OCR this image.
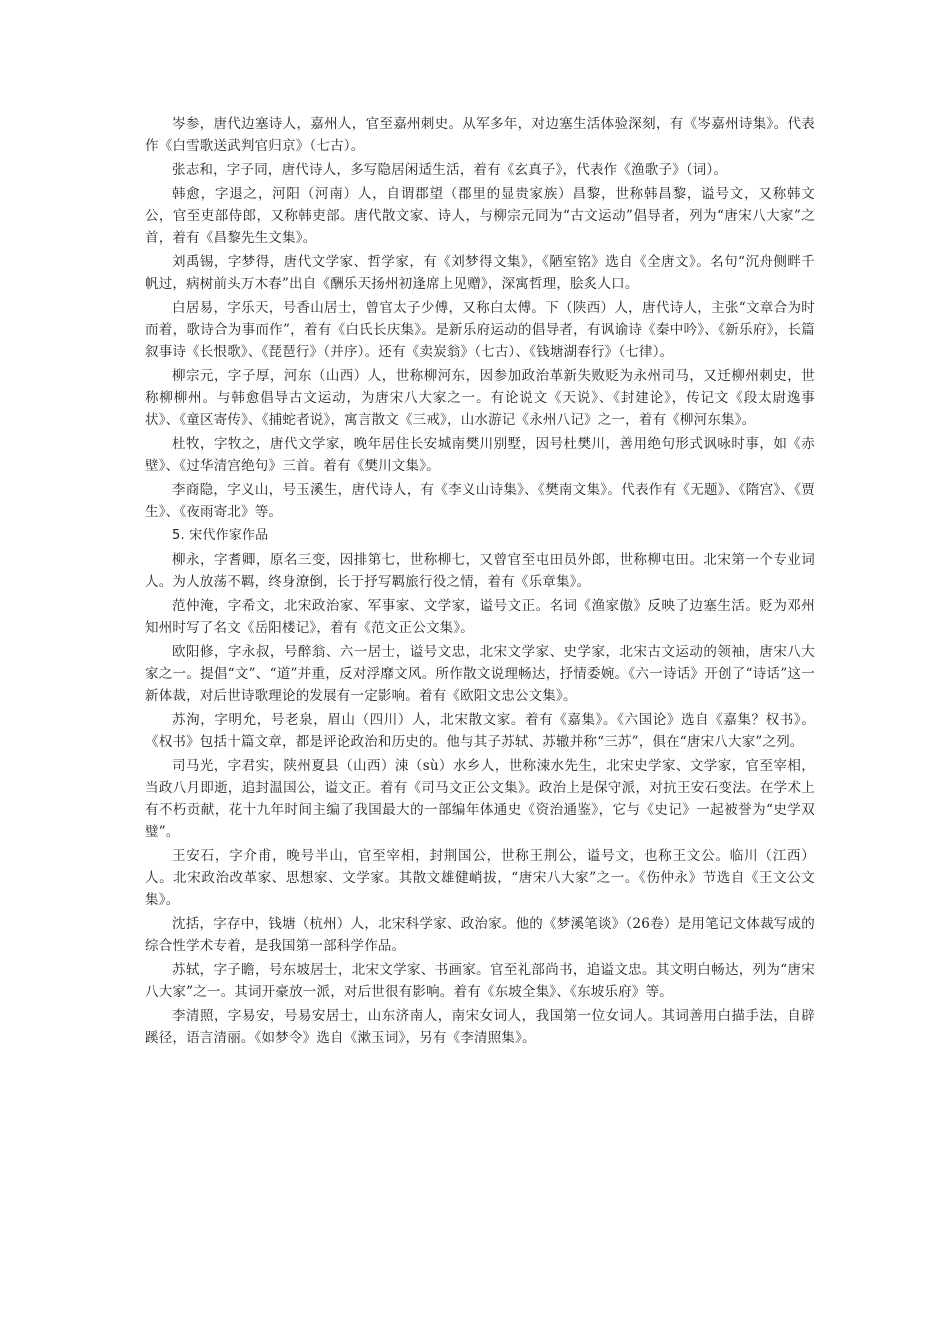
岑参，唐代边塞诗人，嘉州人，官至嘉州刺史。从军多年，对边塞生活体验深刻，有《岑嘉州诗集》。代表作《白雪歌送武判官归京》（七古）。

张志和，字子同，唐代诗人，多写隐居闲适生活，着有《玄真子》，代表作《渔歌子》（词）。

韩愈，字退之，河阳（河南）人，自谓郡望（郡里的显贵家族）昌黎，世称韩昌黎，谥号文，又称韩文公，官至吏部侍郎，又称韩吏部。唐代散文家、诗人，与柳宗元同为“古文运动”倡导者，列为“唐宋八大家”之首，着有《昌黎先生文集》。

刘禹锡，字梦得，唐代文学家、哲学家，有《刘梦得文集》，《陋室铭》选自《全唐文》。名句“沉舟侧畔千帆过，病树前头万木春”出自《酬乐天扬州初逢席上见赠》，深寓哲理，脍炙人口。

白居易，字乐天，号香山居士，曾官太子少傅，又称白太傅。下（陕西）人，唐代诗人，主张“文章合为时而着，歌诗合为事而作”，着有《白氏长庆集》。是新乐府运动的倡导者，有讽谕诗《秦中吟》、《新乐府》，长篇叙事诗《长恨歌》、《琵琶行》（并序）。还有《卖炭翁》（七古）、《钱塘湖春行》（七律）。

柳宗元，字子厚，河东（山西）人，世称柳河东，因参加政治革新失败贬为永州司马，又迁柳州刺史，世称柳柳州。与韩愈倡导古文运动，为唐宋八大家之一。有论说文《天说》、《封建论》，传记文《段太尉逸事状》、《童区寄传》、《捕蛇者说》，寓言散文《三戒》，山水游记《永州八记》之一，着有《柳河东集》。

杜牧，字牧之，唐代文学家，晚年居住长安城南樊川别墅，因号杜樊川，善用绝句形式讽咏时事，如《赤壁》、《过华清宫绝句》三首。着有《樊川文集》。

李商隐，字义山，号玉溪生，唐代诗人，有《李义山诗集》、《樊南文集》。代表作有《无题》、《隋宫》、《贾生》、《夜雨寄北》等。

5. 宋代作家作品

柳永，字耆卿，原名三变，因排第七，世称柳七，又曾官至屯田员外郎，世称柳屯田。北宋第一个专业词人。为人放荡不羁，终身潦倒，长于抒写羁旅行役之情，着有《乐章集》。

范仲淹，字希文，北宋政治家、军事家、文学家，谥号文正。名词《渔家傲》反映了边塞生活。贬为邓州知州时写了名文《岳阳楼记》，着有《范文正公文集》。

欧阳修，字永叔，号醉翁、六一居士，谥号文忠，北宋文学家、史学家，北宋古文运动的领袖，唐宋八大家之一。提倡“文”、“道”并重，反对浮靡文风。所作散文说理畅达，抒情委婉。《六一诗话》开创了“诗话”这一新体裁，对后世诗歌理论的发展有一定影响。着有《欧阳文忠公文集》。

苏洵，字明允，号老泉，眉山（四川）人，北宋散文家。着有《嘉集》。《六国论》选自《嘉集？权书》。《权书》包括十篇文章，都是评论政治和历史的。他与其子苏轼、苏辙并称“三苏”，俱在“唐宋八大家”之列。

司马光，字君实，陕州夏县（山西）涑（sù）水乡人，世称涑水先生，北宋史学家、文学家，官至宰相，当政八月即逝，追封温国公，谥文正。着有《司马文正公文集》。政治上是保守派，对抗王安石变法。在学术上有不朽贡献，花十九年时间主编了我国最大的一部编年体通史《资治通鉴》，它与《史记》一起被誉为“史学双璧”。

王安石，字介甫，晚号半山，官至宰相，封荆国公，世称王荆公，谥号文，也称王文公。临川（江西）人。北宋政治改革家、思想家、文学家。其散文雄健峭拔，“唐宋八大家”之一。《伤仲永》节选自《王文公文集》。

沈括，字存中，钱塘（杭州）人，北宋科学家、政治家。他的《梦溪笔谈》（26卷）是用笔记文体裁写成的综合性学术专着，是我国第一部科学作品。

苏轼，字子瞻，号东坡居士，北宋文学家、书画家。官至礼部尚书，追谥文忠。其文明白畅达，列为“唐宋八大家”之一。其词开豪放一派，对后世很有影响。着有《东坡全集》、《东坡乐府》等。

李清照，字易安，号易安居士，山东济南人，南宋女词人，我国第一位女词人。其词善用白描手法，自辟蹊径，语言清丽。《如梦令》选自《漱玉词》，另有《李清照集》。
